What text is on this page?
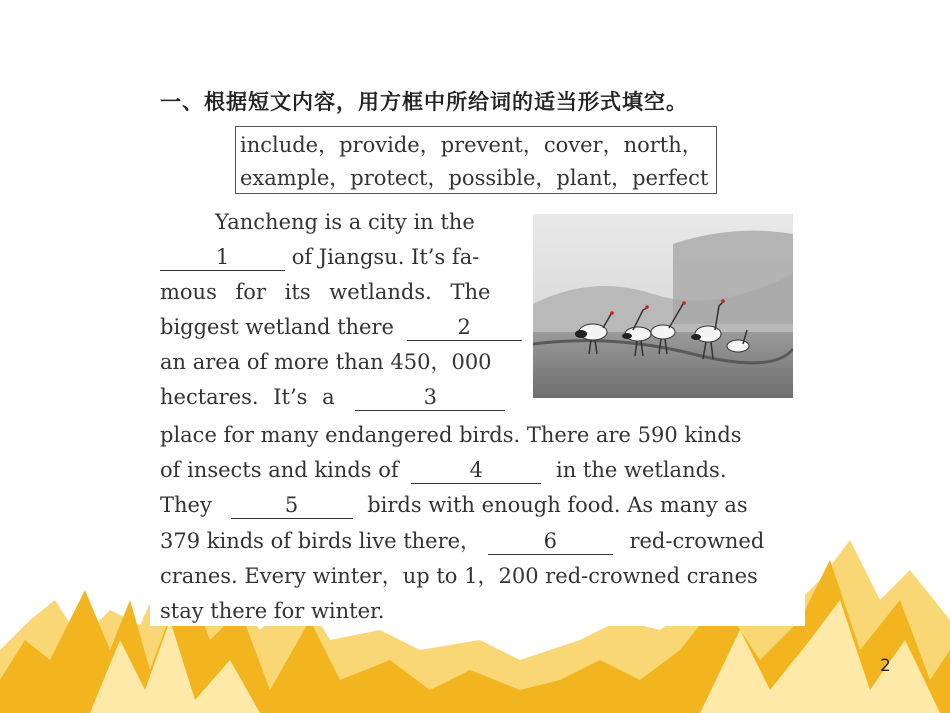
一、根据短文内容，用方框中所给词的适当形式填空。
include，provide，prevent，cover，north，
example，protect，possible，plant，perfect
Yancheng is a city in the
1	of Jiangsu. It’s fa-
mous for its wetlands. The
biggest wetland there	2
an area of more than 450，000
hectares. It’s a	3
place for many endangered birds. There are 590 kinds
of insects and kinds of	4	in the wetlands.
They	5	birds with enough food. As many as
379 kinds of birds live there，	6	red-crowned
cranes. Every winter，up to 1，200 red-crowned cranes
stay there for winter.
2
